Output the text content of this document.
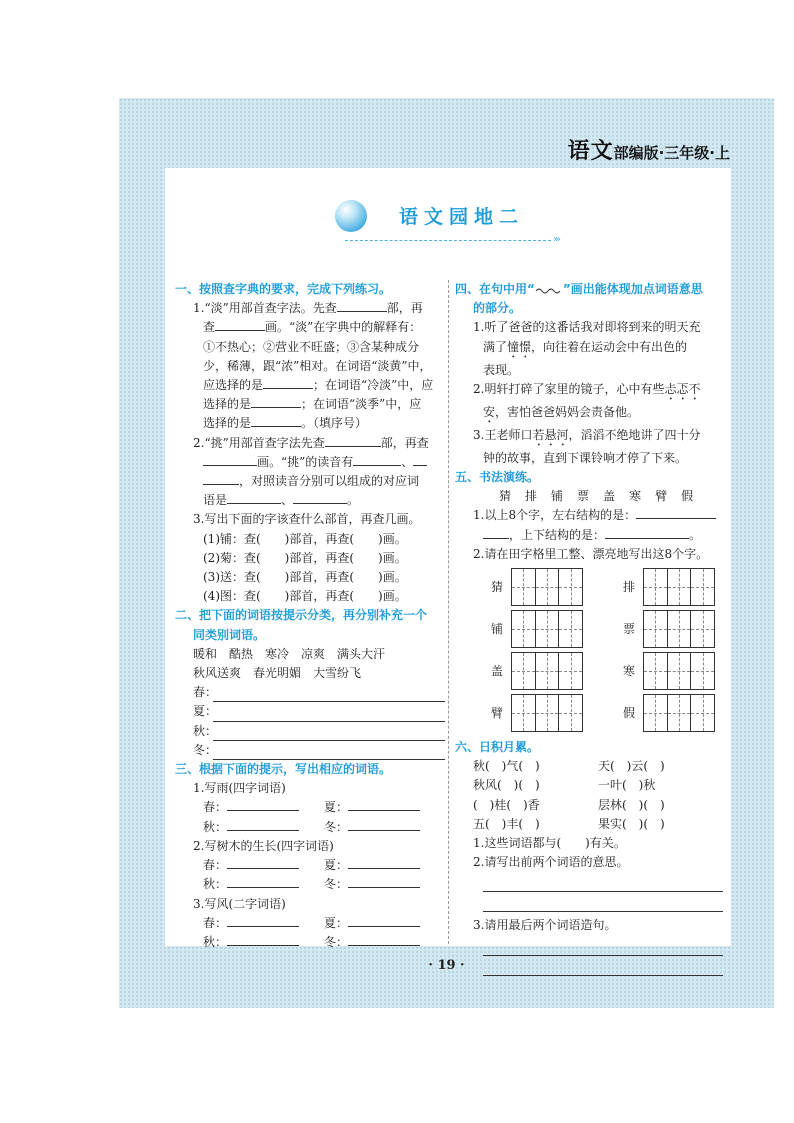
语文部编版·三年级·上
语文园地二
›››
一、按照查字典的要求，完成下列练习。
1.“淡”用部首查字法。先查	部，再
查	画。“淡”在字典中的解释有：
①不热心；②营业不旺盛；③含某种成分
少，稀薄，跟“浓”相对。在词语“淡黄”中，
应选择的是	；在词语“冷淡”中，应
选择的是	；在词语“淡季”中，应
选择的是	。（填序号）
2.“挑”用部首查字法先查	部，再查
画。“挑”的读音有	、
，对照读音分别可以组成的对应词
语是	、	。
3.写出下面的字该查什么部首，再查几画。
(1)铺：查(　　)部首，再查(　　)画。
(2)菊：查(　　)部首，再查(　　)画。
(3)送：查(　　)部首，再查(　　)画。
(4)图：查(　　)部首，再查(　　)画。
二、把下面的词语按提示分类，再分别补充一个
同类别词语。
暖和　酷热　寒冷　凉爽　满头大汗
秋风送爽　春光明媚　大雪纷飞
春：
夏：
秋：
冬：
三、根据下面的提示，写出相应的词语。
1.写雨(四字词语)
春：	夏：
秋：	冬：
2.写树木的生长(四字词语)
春：	夏：
秋：	冬：
3.写风(二字词语)
春：	夏：
秋：	冬：
四、在句中用“ ”画出能体现加点词语意思
的部分。
1.听了爸爸的这番话我对即将到来的明天充
满了憧憬，向往着在运动会中有出色的
表现。
2.明轩打碎了家里的镜子，心中有些忐忑不
安，害怕爸爸妈妈会责备他。
3.王老师口若悬河，滔滔不绝地讲了四十分
钟的故事，直到下课铃响才停了下来。
五、书法演练。
猜 排 铺 票 盖 寒 臂 假
1.以上8个字，左右结构的是：
，上下结构的是：	。
2.请在田字格里工整、漂亮地写出这8个字。
猜	排
铺	票
盖	寒
臂	假
六、日积月累。
秋(　)气(　)	天(　)云(　)
秋风(　)(　)	一叶(　)秋
(　)桂(　)香	层林(　)(　)
五(　)丰(　)	果实(　)(　)
1.这些词语都与(　　)有关。
2.请写出前两个词语的意思。
3.请用最后两个词语造句。
· 19 ·
